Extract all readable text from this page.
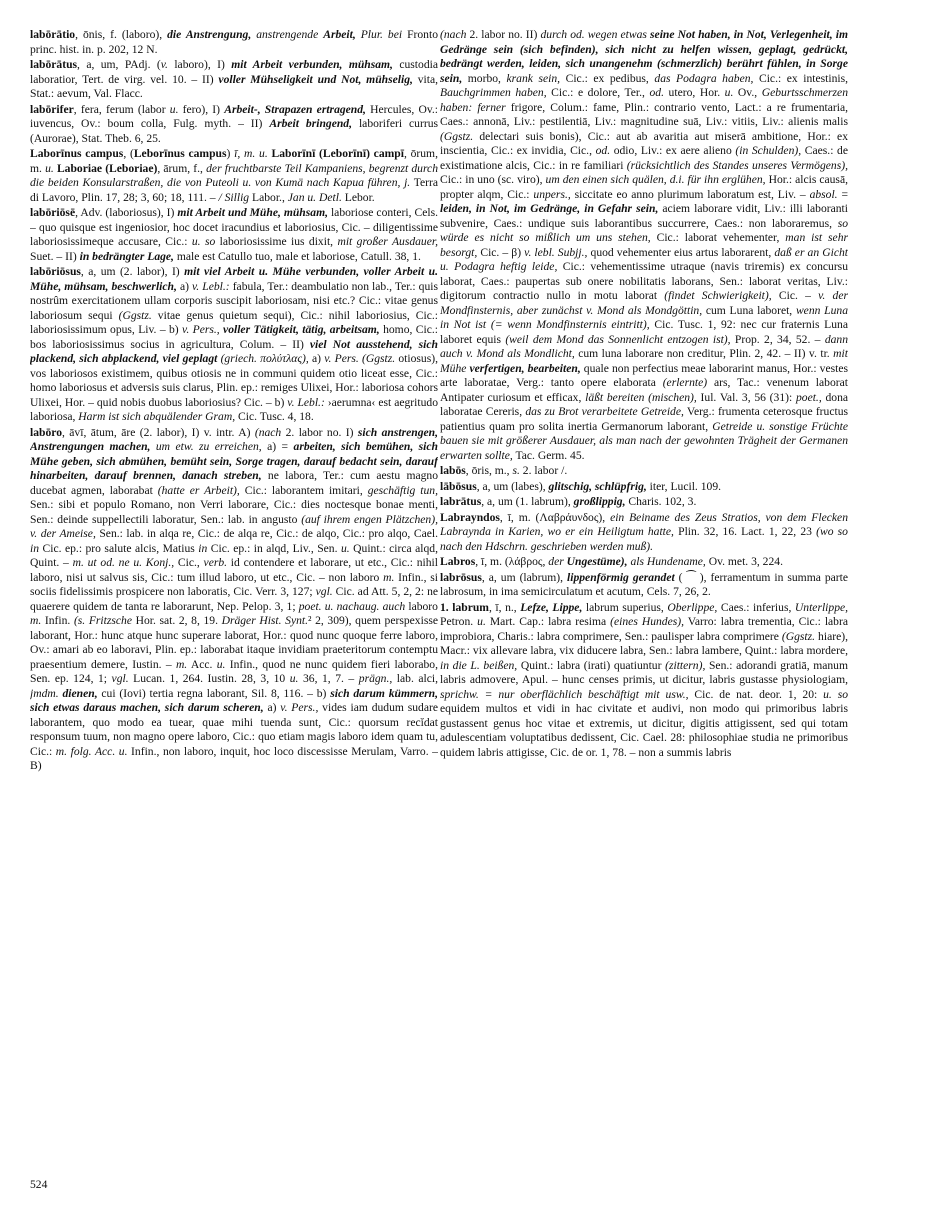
labōrātio, ōnis, f. (laboro), die Anstrengung, anstrengende Arbeit, Plur. bei Fronto princ. hist. in. p. 202, 12 N.

labōrātus, a, um, PAdj. (v. laboro), I) mit Arbeit verbunden, mühsam, custodia laboratior, Tert. de virg. vel. 10. – II) voller Mühseligkeit und Not, mühselig, vita, Stat.: aevum, Val. Flacc.

labōrifer, fera, ferum (labor u. fero), I) Arbeit-, Strapazen ertragend, Hercules, Ov.: iuvencus, Ov.: boum colla, Fulg. myth. – II) Arbeit bringend, laboriferi currus (Aurorae), Stat. Theb. 6, 25.

Laborīnus campus, (Leborīnus campus) ī, m. u. Laborīnī (Leborīnī) campī, ōrum, m. u. Laboriae (Leboriae), ārum, f., der fruchtbarste Teil Kampaniens, begrenzt durch die beiden Konsularstraßen, die von Puteoli u. von Kumä nach Kapua führen, j. Terra di Lavoro, Plin. 17, 28; 3, 60; 18, 111. – / Sillig Labor., Jan u. Detl. Lebor.

labōriōsē, Adv. (laboriosus), I) mit Arbeit und Mühe, mühsam, laboriose conteri, Cels. – quo quisque est ingeniosior, hoc docet iracundius et laboriosius, Cic. – diligentissime laboriosissimeque accusare, Cic.: u. so laboriosissime ius dixit, mit großer Ausdauer, Suet. – II) in bedrängter Lage, male est Catullo tuo, male et laboriose, Catull. 38, 1.

labōriōsus, a, um (2. labor), I) mit viel Arbeit u. Mühe verbunden, voller Arbeit u. Mühe, mühsam, beschwerlich, a) v. Lebl.: fabula, Ter.: deambulatio non lab., Ter.: quis nostrûm exercitationem ullam corporis suscipit laboriosam, nisi etc.? Cic.: vitae genus laboriosum sequi (Ggstz. vitae genus quietum sequi), Cic.: nihil laboriosius, Cic.: laboriosissimum opus, Liv. – b) v. Pers., voller Tätigkeit, tätig, arbeitsam, homo, Cic.: bos laboriosissimus socius in agricultura, Colum. – II) viel Not ausstehend, sich plackend, sich abplackend, viel geplagt (griech. πολύτλας), a) v. Pers. (Ggstz. otiosus), vos laboriosos existimem, quibus otiosis ne in communi quidem otio liceat esse, Cic.: homo laboriosus et adversis suis clarus, Plin. ep.: remiges Ulixei, Hor.: laboriosa cohors Ulixei, Hor. – quid nobis duobus laboriosius? Cic. – b) v. Lebl.: ›aerumna‹ est aegritudo laboriosa, Harm ist sich abquälender Gram, Cic. Tusc. 4, 18.

labōro, āvī, ātum, āre (2. labor), I) v. intr. A) (nach 2. labor no. I) sich anstrengen, Anstrengungen machen, um etw. zu erreichen, a) = arbeiten, sich bemühen, sich Mühe geben, sich abmühen, bemüht sein, Sorge tragen, darauf bedacht sein, darauf hinarbeiten, darauf brennen, danach streben, ne labora, Ter.: cum aestu magno ducebat agmen, laborabat (hatte er Arbeit), Cic.: laborantem imitari, geschäftig tun, Sen.: sibi et populo Romano, non Verri laborare, Cic.: dies noctesque bonae menti, Sen.: deinde suppellectili laboratur, Sen.: lab. in angusto (auf ihrem engen Plätzchen), v. der Ameise, Sen.: lab. in alqa re, Cic.: de alqa re, Cic.: de alqo, Cic.: pro alqo, Cael. in Cic. ep.: pro salute alcis, Matius in Cic. ep.: in alqd, Liv., Sen. u. Quint.: circa alqd, Quint. – m. ut od. ne u. Konj., Cic., verb. id contendere et laborare, ut etc., Cic.: nihil laboro, nisi ut salvus sis, Cic.: tum illud laboro, ut etc., Cic. – non laboro m. Infin., si sociis fidelissimis prospicere non laboratis, Cic. Verr. 3, 127; vgl. Cic. ad Att. 5, 2, 2: ne quaerere quidem de tanta re laborarunt, Nep. Pelop. 3, 1; poet. u. nachaug. auch laboro m. Infin. (s. Fritzsche Hor. sat. 2, 8, 19. Dräger Hist. Synt.² 2, 309), quem perspexisse laborant, Hor.: hunc atque hunc superare laborat, Hor.: quod nunc quoque ferre laboro, Ov.: amari ab eo laboravi, Plin. ep.: laborabat itaque invidiam praeteritorum contemptu praesentium demere, Iustin. – m. Acc. u. Infin., quod ne nunc quidem fieri laborabo, Sen. ep. 124, 1; vgl. Lucan. 1, 264. Iustin. 28, 3, 10 u. 36, 1, 7. – prägn., lab. alci, jmdm. dienen, cui (Iovi) tertia regna laborant, Sil. 8, 116. – b) sich darum kümmern, sich etwas daraus machen, sich darum scheren, a) v. Pers., vides iam dudum sudare laborantem, quo modo ea tuear, quae mihi tuenda sunt, Cic.: quorsum recĭdat responsum tuum, non magno opere laboro, Cic.: quo etiam magis laboro idem quam tu, Cic.: m. folg. Acc. u. Infin., non laboro, inquit, hoc loco discessisse Merulam, Varro. – B)

(nach 2. labor no. II) durch od. wegen etwas seine Not haben, in Not, Verlegenheit, im Gedränge sein (sich befinden), sich nicht zu helfen wissen, geplagt, gedrückt, bedrängt werden, leiden, sich unangenehm (schmerzlich) berührt fühlen, in Sorge sein, morbo, krank sein, Cic.: ex pedibus, das Podagra haben, Cic.: ex intestinis, Bauchgrimmen haben, Cic.: e dolore, Ter., od. utero, Hor. u. Ov., Geburtsschmerzen haben: ferner frigore, Colum.: fame, Plin.: contrario vento, Lact.: a re frumentaria, Caes.: annonā, Liv.: pestilentiā, Liv.: magnitudine suā, Liv.: vitiis, Liv.: alienis malis (Ggstz. delectari suis bonis), Cic.: aut ab avaritia aut miserā ambitione, Hor.: ex inscientia, Cic.: ex invidia, Cic., od. odio, Liv.: ex aere alieno (in Schulden), Caes.: de existimatione alcis, Cic.: in re familiari (rücksichtlich des Standes unseres Vermögens), Cic.: in uno (sc. viro), um den einen sich quälen, d.i. für ihn erglühen, Hor.: alcis causā, propter alqm, Cic.: unpers., siccitate eo anno plurimum laboratum est, Liv. – absol. = leiden, in Not, im Gedränge, in Gefahr sein, aciem laborare vidit, Liv.: illi laboranti subvenire, Caes.: undique suis laborantibus succurrere, Caes.: non laboraremus, so würde es nicht so mißlich um uns stehen, Cic.: laborat vehementer, man ist sehr besorgt, Cic. – β) v. lebl. Subjj., quod vehementer eius artus laborarent, daß er an Gicht u. Podagra heftig leide, Cic.: vehementissime utraque (navis triremis) ex concursu laborat, Caes.: paupertas sub onere nobilitatis laborans, Sen.: laborat veritas, Liv.: digitorum contractio nullo in motu laborat (findet Schwierigkeit), Cic. – v. der Mondfinsternis, aber zunächst v. Mond als Mondgöttin, cum Luna laboret, wenn Luna in Not ist (= wenn Mondfinsternis eintritt), Cic. Tusc. 1, 92: nec cur fraternis Luna laboret equis (weil dem Mond das Sonnenlicht entzogen ist), Prop. 2, 34, 52. – dann auch v. Mond als Mondlicht, cum luna laborare non creditur, Plin. 2, 42. – II) v. tr. mit Mühe verfertigen, bearbeiten, quale non perfectius meae laborarint manus, Hor.: vestes arte laboratae, Verg.: tanto opere elaborata (erlernte) ars, Tac.: venenum laborat Antipater curiosum et efficax, läßt bereiten (mischen), Iul. Val. 3, 56 (31): poet., dona laboratae Cereris, das zu Brot verarbeitete Getreide, Verg.: frumenta ceterosque fructus patientius quam pro solita inertia Germanorum laborant, Getreide u. sonstige Früchte bauen sie mit größerer Ausdauer, als man nach der gewohnten Trägheit der Germanen erwarten sollte, Tac. Germ. 45.

labōs, ōris, m., s. 2. labor /.

lābōsus, a, um (labes), glitschig, schlüpfrig, iter, Lucil. 109.

labrātus, a, um (1. labrum), großlippig, Charis. 102, 3.

Labrayndos, ī, m. (Λαβράυνδος), ein Beiname des Zeus Stratios, von dem Flecken Labraynda in Karien, wo er ein Heiligtum hatte, Plin. 32, 16. Lact. 1, 22, 23 (wo so nach den Hdschrn. geschrieben werden muß).

Labros, ī, m. (λάβρος, der Ungestüme), als Hundename, Ov. met. 3, 224.

labrōsus, a, um (labrum), lippenförmig gerandet ( ⁀ ), ferramentum in summa parte labrosum, in ima semicirculatum et acutum, Cels. 7, 26, 2.

1. labrum, ī, n., Lefze, Lippe, labrum superius, Oberlippe, Caes.: inferius, Unterlippe, Petron. u. Mart. Cap.: labra resima (eines Hundes), Varro: labra trementia, Cic.: labra improbiora, Charis.: labra comprimere, Sen.: paulisper labra comprimere (Ggstz. hiare), Macr.: vix allevare labra, vix diducere labra, Sen.: labra lambere, Quint.: labra mordere, in die L. beißen, Quint.: labra (irati) quatiuntur (zittern), Sen.: adorandi gratiā, manum labris admovere, Apul. – hunc censes primis, ut dicitur, labris gustasse physiologiam, sprichw. = nur oberflächlich beschäftigt mit usw., Cic. de nat. deor. 1, 20: u. so equidem multos et vidi in hac civitate et audivi, non modo qui primoribus labris gustassent genus hoc vitae et extremis, ut dicitur, digitis attigissent, sed qui totam adulescentiam voluptatibus dedissent, Cic. Cael. 28: philosophiae studia ne primoribus quidem labris attigisse, Cic. de or. 1, 78. – non a summis labris

524
